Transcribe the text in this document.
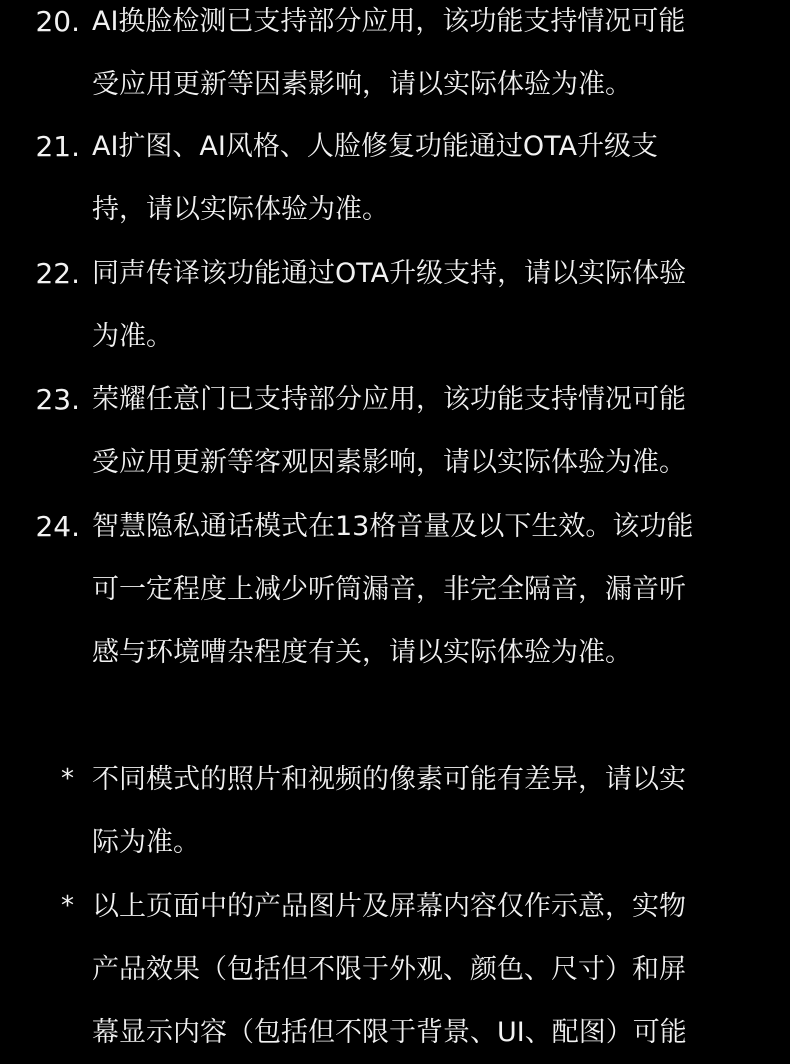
20. AI换脸检测已支持部分应用，该功能支持情况可能
受应用更新等因素影响，请以实际体验为准。
21. AI扩图、AI风格、人脸修复功能通过OTA升级支
持，请以实际体验为准。
22. 同声传译该功能通过OTA升级支持，请以实际体验
为准。
23. 荣耀任意门已支持部分应用，该功能支持情况可能
受应用更新等客观因素影响，请以实际体验为准。
24. 智慧隐私通话模式在13格音量及以下生效。该功能
可一定程度上减少听筒漏音，非完全隔音，漏音听
感与环境嘈杂程度有关，请以实际体验为准。
* 不同模式的照片和视频的像素可能有差异，请以实
际为准。
* 以上页面中的产品图片及屏幕内容仅作示意，实物
产品效果（包括但不限于外观、颜色、尺寸）和屏
幕显示内容（包括但不限于背景、UI、配图）可能
